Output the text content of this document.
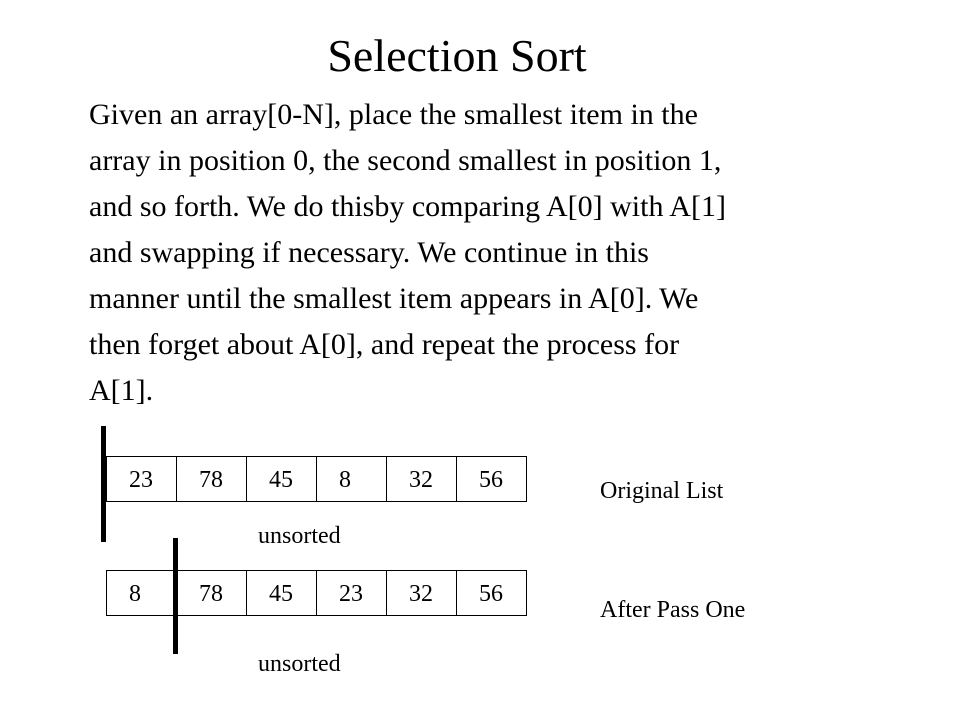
Selection Sort
Given an array[0-N], place the smallest item in the
array in position 0, the second smallest in position 1,
and so forth. We do thisby comparing A[0] with A[1]
and swapping if necessary. We continue in this
manner until the smallest item appears in A[0]. We
then forget about A[0], and repeat the process for
A[1].
23 78 45 8 32 56
unsorted
Original List
8 78 45 23 32 56
unsorted
After Pass One
